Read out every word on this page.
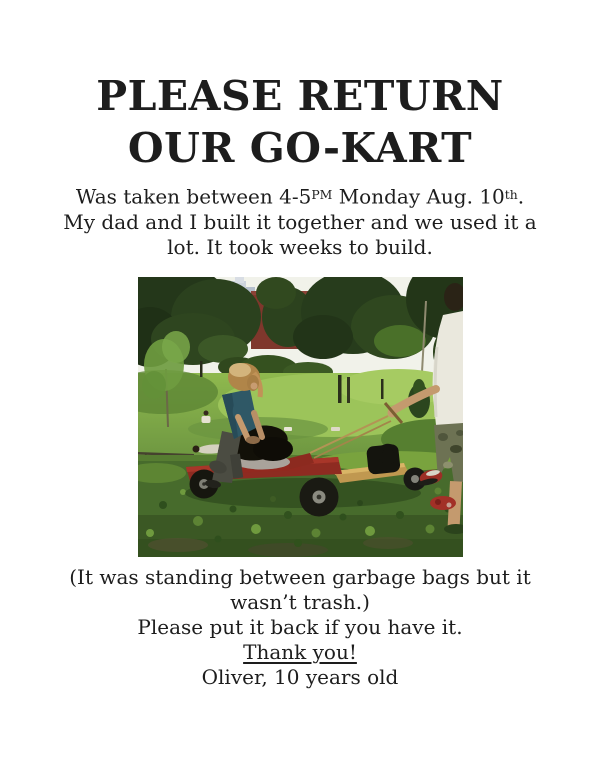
PLEASE RETURN
OUR GO-KART
Was taken between $4-5^{PM}$ Monday Aug. 10th.
My dad and I built it together and we used it a
lot. It took weeks to build.
(It was standing between garbage bags but it
wasn’t trash.)
Please put it back if you have it.
Thank you!
Oliver, 10 years old
